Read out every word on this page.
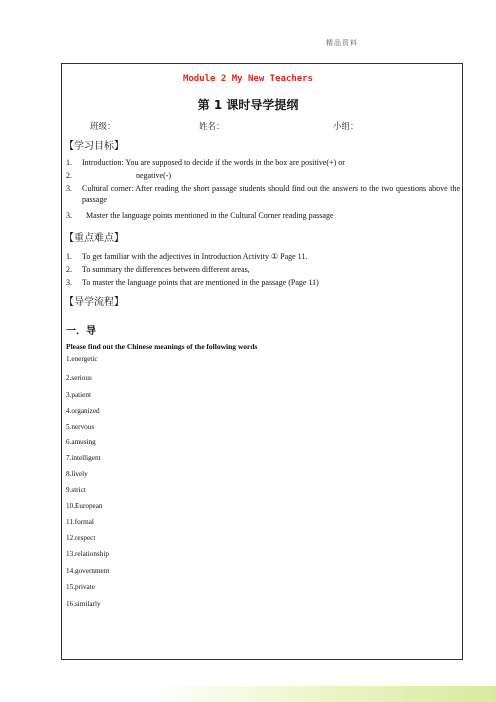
精品资料
Module 2 My New Teachers
第 1 课时导学提纲
班级：	姓名：	小组：
【学习目标】
1. Introduction: You are supposed to decide if the words in the box are positive(+) or
2.	negative(-)
3. Cultural corner: After reading the short passage students should find out the answers to the two questions above the passage
3. Master the language points mentioned in the Cultural Corner reading passage
【重点难点】
1. To get familiar with the adjectives in Introduction Activity ① Page 11.
2. To summary the differences between different areas,
3. To master the language points that are mentioned in the passage (Page 11)
【导学流程】
一．导
Please find out the Chinese meanings of the following words
1.energetic
2.serious
3.patient
4.organized
5.nervous
6.amusing
7.intelligent
8.lively
9.strict
10.European
11.formal
12.respect
13.relationship
14.government
15.private
16.similarly
